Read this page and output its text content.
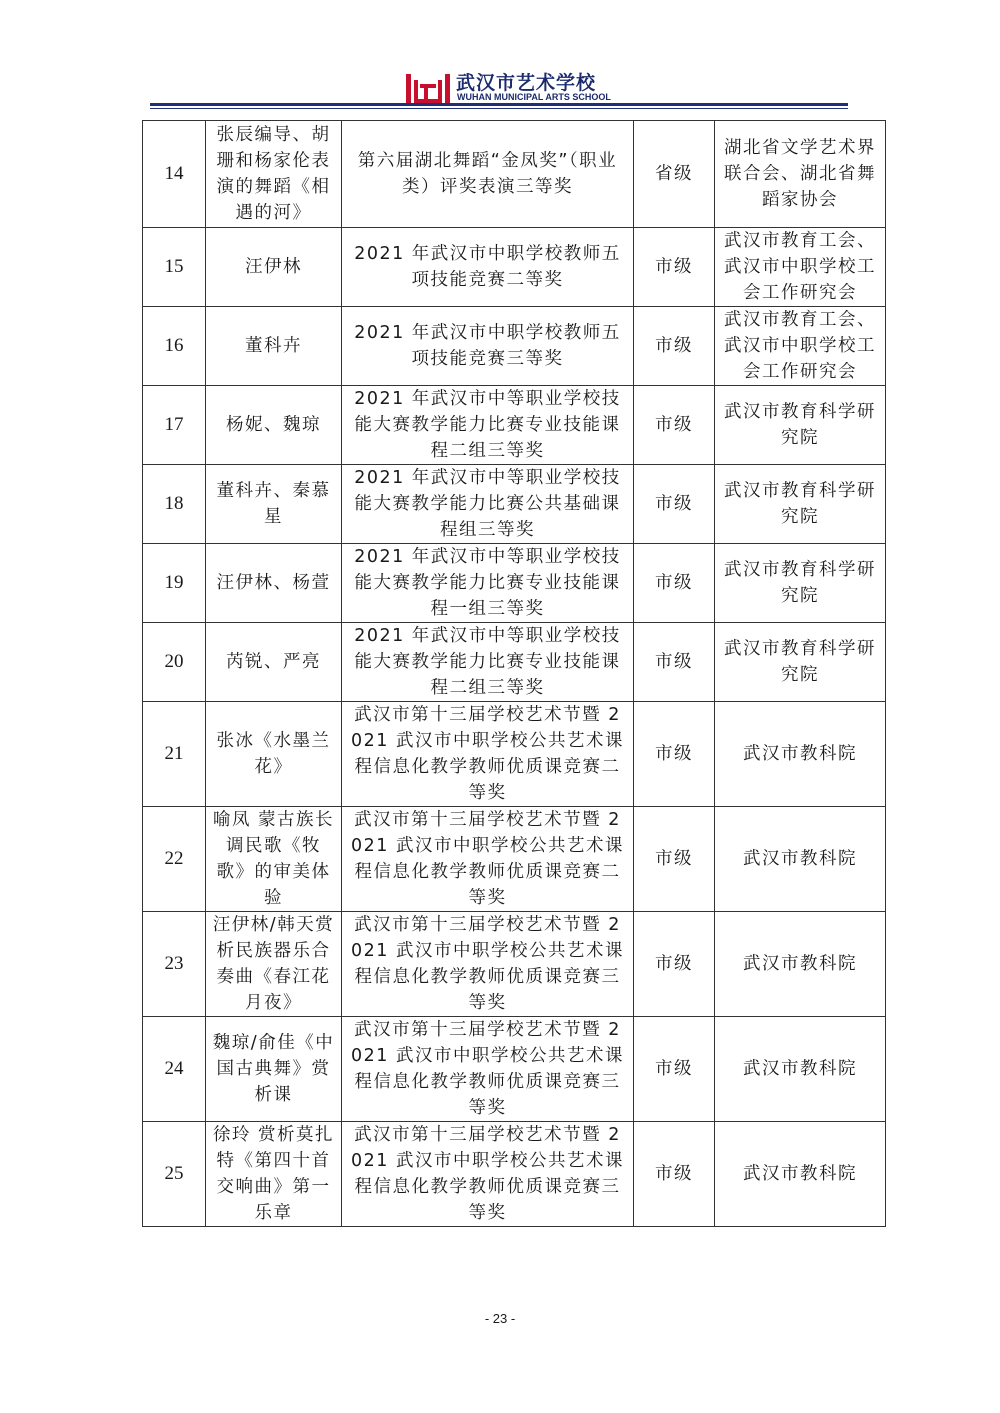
武汉市艺术学校
WUHAN MUNICIPAL ARTS SCHOOL
14	张辰编导、胡珊和杨家伦表演的舞蹈《相遇的河》	第六届湖北舞蹈“金凤奖”（职业类）评奖表演三等奖	省级	湖北省文学艺术界联合会、湖北省舞蹈家协会
15	汪伊林	2021 年武汉市中职学校教师五项技能竞赛二等奖	市级	武汉市教育工会、武汉市中职学校工会工作研究会
16	董科卉	2021 年武汉市中职学校教师五项技能竞赛三等奖	市级	武汉市教育工会、武汉市中职学校工会工作研究会
17	杨妮、魏琼	2021 年武汉市中等职业学校技能大赛教学能力比赛专业技能课程二组三等奖	市级	武汉市教育科学研究院
18	董科卉、秦慕星	2021 年武汉市中等职业学校技能大赛教学能力比赛公共基础课程组三等奖	市级	武汉市教育科学研究院
19	汪伊林、杨萱	2021 年武汉市中等职业学校技能大赛教学能力比赛专业技能课程一组三等奖	市级	武汉市教育科学研究院
20	芮锐、严亮	2021 年武汉市中等职业学校技能大赛教学能力比赛专业技能课程二组三等奖	市级	武汉市教育科学研究院
21	张冰《水墨兰花》	武汉市第十三届学校艺术节暨 2021 武汉市中职学校公共艺术课程信息化教学教师优质课竞赛二等奖	市级	武汉市教科院
22	喻凤 蒙古族长调民歌《牧歌》的审美体验	武汉市第十三届学校艺术节暨 2021 武汉市中职学校公共艺术课程信息化教学教师优质课竞赛二等奖	市级	武汉市教科院
23	汪伊林/韩天赏析民族器乐合奏曲《春江花月夜》	武汉市第十三届学校艺术节暨 2021 武汉市中职学校公共艺术课程信息化教学教师优质课竞赛三等奖	市级	武汉市教科院
24	魏琼/俞佳《中国古典舞》赏析课	武汉市第十三届学校艺术节暨 2021 武汉市中职学校公共艺术课程信息化教学教师优质课竞赛三等奖	市级	武汉市教科院
25	徐玲 赏析莫扎特《第四十首交响曲》第一乐章	武汉市第十三届学校艺术节暨 2021 武汉市中职学校公共艺术课程信息化教学教师优质课竞赛三等奖	市级	武汉市教科院
- 23 -
